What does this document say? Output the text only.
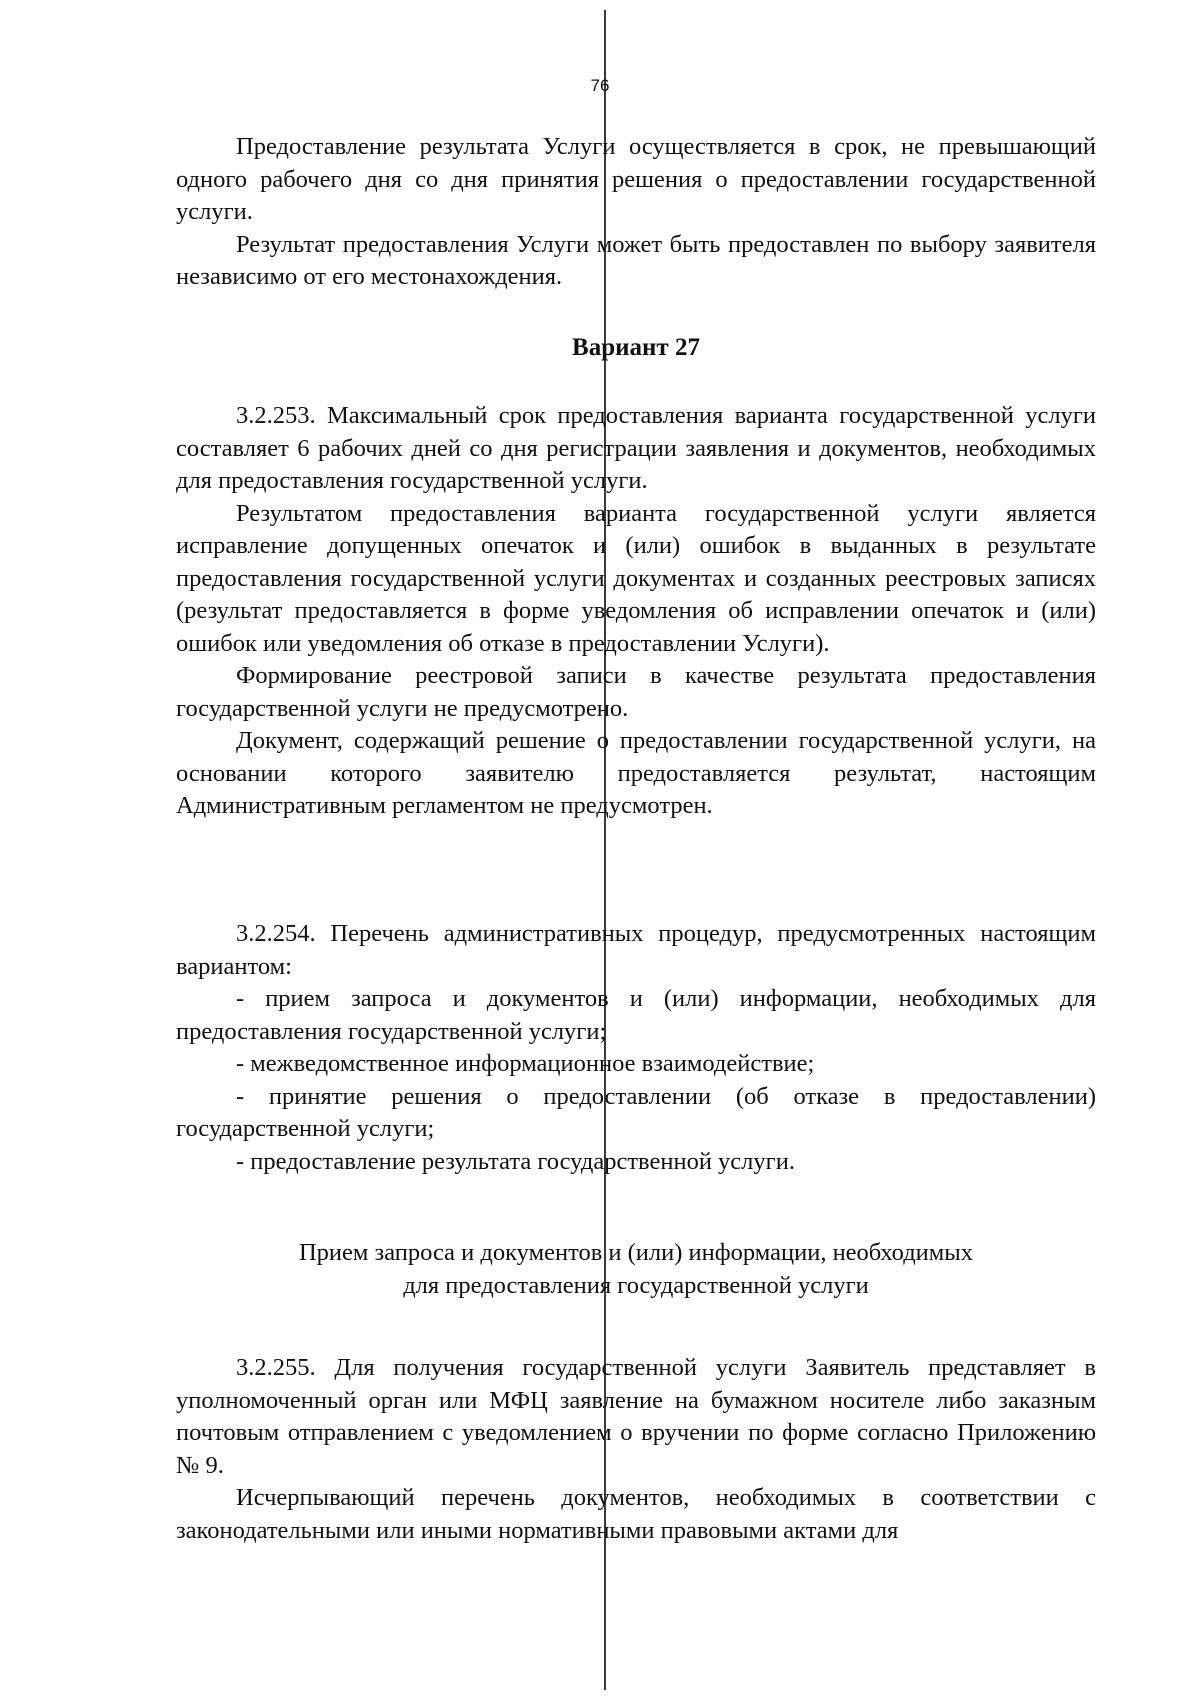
76

Предоставление результата Услуги осуществляется в срок, не превышающий одного рабочего дня со дня принятия решения о предоставлении государственной услуги.

Результат предоставления Услуги может быть предоставлен по выбору заявителя независимо от его местонахождения.

Вариант 27

3.2.253. Максимальный срок предоставления варианта государственной услуги составляет 6 рабочих дней со дня регистрации заявления и документов, необходимых для предоставления государственной услуги.

Результатом предоставления варианта государственной услуги является исправление допущенных опечаток и (или) ошибок в выданных в результате предоставления государственной услуги документах и созданных реестровых записях (результат предоставляется в форме уведомления об исправлении опечаток и (или) ошибок или уведомления об отказе в предоставлении Услуги).

Формирование реестровой записи в качестве результата предоставления государственной услуги не предусмотрено.

Документ, содержащий решение о предоставлении государственной услуги, на основании которого заявителю предоставляется результат, настоящим Административным регламентом не предусмотрен.

3.2.254. Перечень административных процедур, предусмотренных настоящим вариантом:

- прием запроса и документов и (или) информации, необходимых для предоставления государственной услуги;

- межведомственное информационное взаимодействие;

- принятие решения о предоставлении (об отказе в предоставлении) государственной услуги;

- предоставление результата государственной услуги.

Прием запроса и документов и (или) информации, необходимых
для предоставления государственной услуги

3.2.255. Для получения государственной услуги Заявитель представляет в уполномоченный орган или МФЦ заявление на бумажном носителе либо заказным почтовым отправлением с уведомлением о вручении по форме согласно Приложению № 9.

Исчерпывающий перечень документов, необходимых в соответствии с законодательными или иными нормативными правовыми актами для
